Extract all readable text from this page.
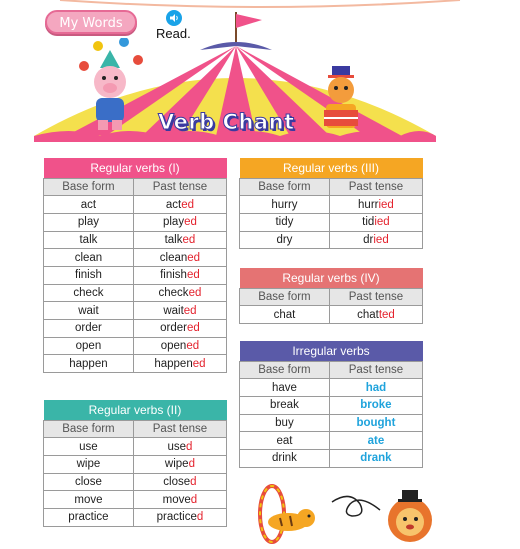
My Words
Read.
Verb Chant
Regular verbs (I)	
Base form	Past tense
act	acted
play	played
talk	talked
clean	cleaned
finish	finished
check	checked
wait	waited
order	ordered
open	opened
happen	happened
Regular verbs (II)	
Base form	Past tense
use	used
wipe	wiped
close	closed
move	moved
practice	practiced
Regular verbs (III)	
Base form	Past tense
hurry	hurried
tidy	tidied
dry	dried
Regular verbs (IV)	
Base form	Past tense
chat	chatted
Irregular verbs	
Base form	Past tense
have	had
break	broke
buy	bought
eat	ate
drink	drank
